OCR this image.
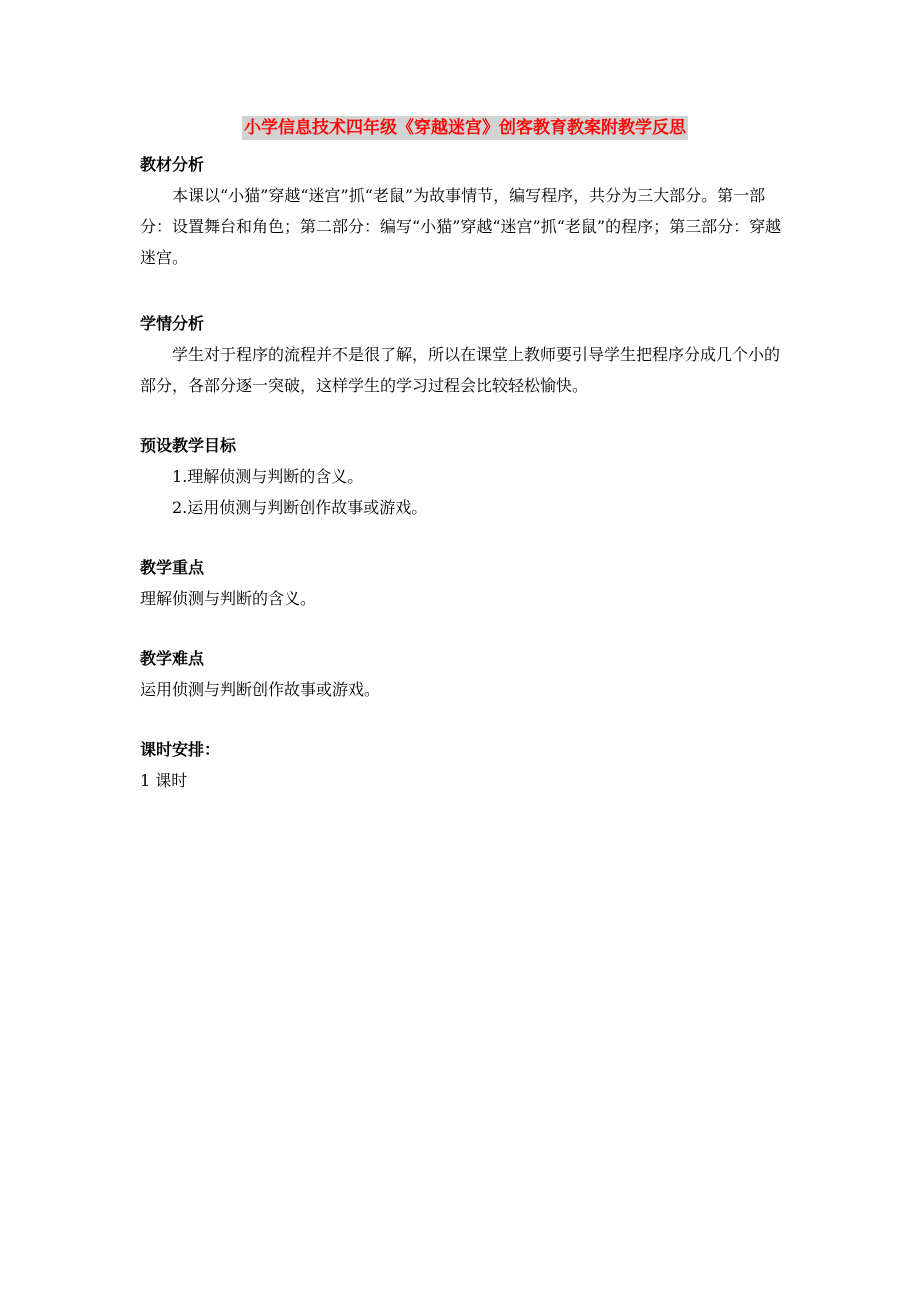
小学信息技术四年级《穿越迷宫》创客教育教案附教学反思

教材分析

本课以“小猫”穿越“迷宫”抓“老鼠”为故事情节，编写程序，共分为三大部分。第一部分：设置舞台和角色；第二部分：编写“小猫”穿越“迷宫”抓“老鼠”的程序；第三部分：穿越迷宫。

学情分析

学生对于程序的流程并不是很了解，所以在课堂上教师要引导学生把程序分成几个小的部分，各部分逐一突破，这样学生的学习过程会比较轻松愉快。

预设教学目标

1.理解侦测与判断的含义。
2.运用侦测与判断创作故事或游戏。

教学重点

理解侦测与判断的含义。

教学难点

运用侦测与判断创作故事或游戏。

课时安排：

1 课时
